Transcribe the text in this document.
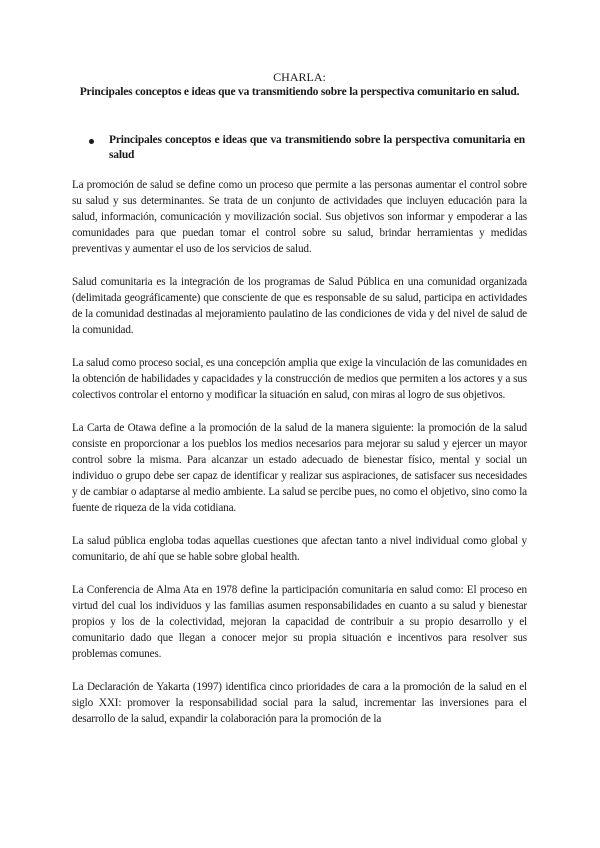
CHARLA:

Principales conceptos e ideas que va transmitiendo sobre la perspectiva comunitario en salud.

Principales conceptos e ideas que va transmitiendo sobre la perspectiva comunitaria en salud

La promoción de salud se define como un proceso que permite a las personas aumentar el control sobre su salud y sus determinantes. Se trata de un conjunto de actividades que incluyen educación para la salud, información, comunicación y movilización social. Sus objetivos son informar y empoderar a las comunidades para que puedan tomar el control sobre su salud, brindar herramientas y medidas preventivas y aumentar el uso de los servicios de salud.

Salud comunitaria es la integración de los programas de Salud Pública en una comunidad organizada (delimitada geográficamente) que consciente de que es responsable de su salud, participa en actividades de la comunidad destinadas al mejoramiento paulatino de las condiciones de vida y del nivel de salud de la comunidad.

La salud como proceso social, es una concepción amplia que exige la vinculación de las comunidades en la obtención de habilidades y capacidades y la construcción de medios que permiten a los actores y a sus colectivos controlar el entorno y modificar la situación en salud, con miras al logro de sus objetivos.

La Carta de Otawa define a la promoción de la salud de la manera siguiente: la promoción de la salud consiste en proporcionar a los pueblos los medios necesarios para mejorar su salud y ejercer un mayor control sobre la misma. Para alcanzar un estado adecuado de bienestar físico, mental y social un individuo o grupo debe ser capaz de identificar y realizar sus aspiraciones, de satisfacer sus necesidades y de cambiar o adaptarse al medio ambiente. La salud se percibe pues, no como el objetivo, sino como la fuente de riqueza de la vida cotidiana.

La salud pública engloba todas aquellas cuestiones que afectan tanto a nivel individual como global y comunitario, de ahí que se hable sobre global health.

La Conferencia de Alma Ata en 1978 define la participación comunitaria en salud como: El proceso en virtud del cual los individuos y las familias asumen responsabilidades en cuanto a su salud y bienestar propios y los de la colectividad, mejoran la capacidad de contribuir a su propio desarrollo y el comunitario dado que llegan a conocer mejor su propia situación e incentivos para resolver sus problemas comunes.

La Declaración de Yakarta (1997) identifica cinco prioridades de cara a la promoción de la salud en el siglo XXI: promover la responsabilidad social para la salud, incrementar las inversiones para el desarrollo de la salud, expandir la colaboración para la promoción de la
